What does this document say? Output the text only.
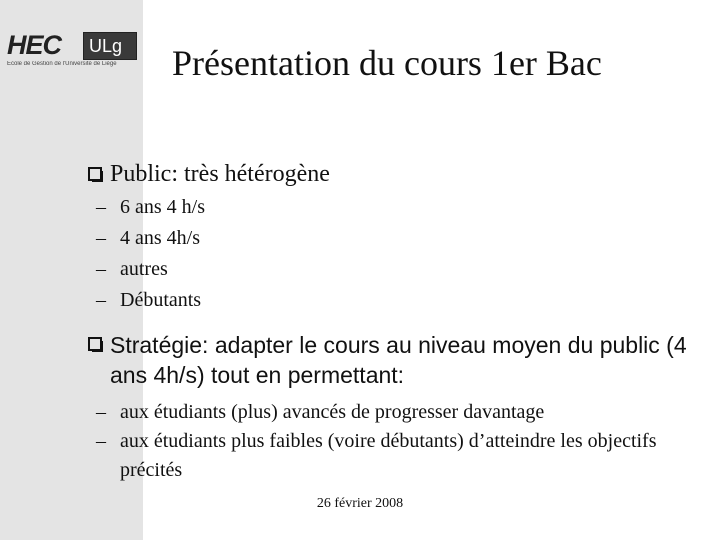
HEC ULg
Ecole de Gestion de l'Université de Liège	Présentation du cours 1er Bac
Public: très hétérogène
– 6 ans 4 h/s
– 4 ans 4h/s
– autres
– Débutants
Stratégie: adapter le cours au niveau moyen du public (4 ans 4h/s) tout en permettant:
– aux étudiants (plus) avancés de progresser davantage
– aux étudiants plus faibles (voire débutants) d’atteindre les objectifs précités
26 février 2008
